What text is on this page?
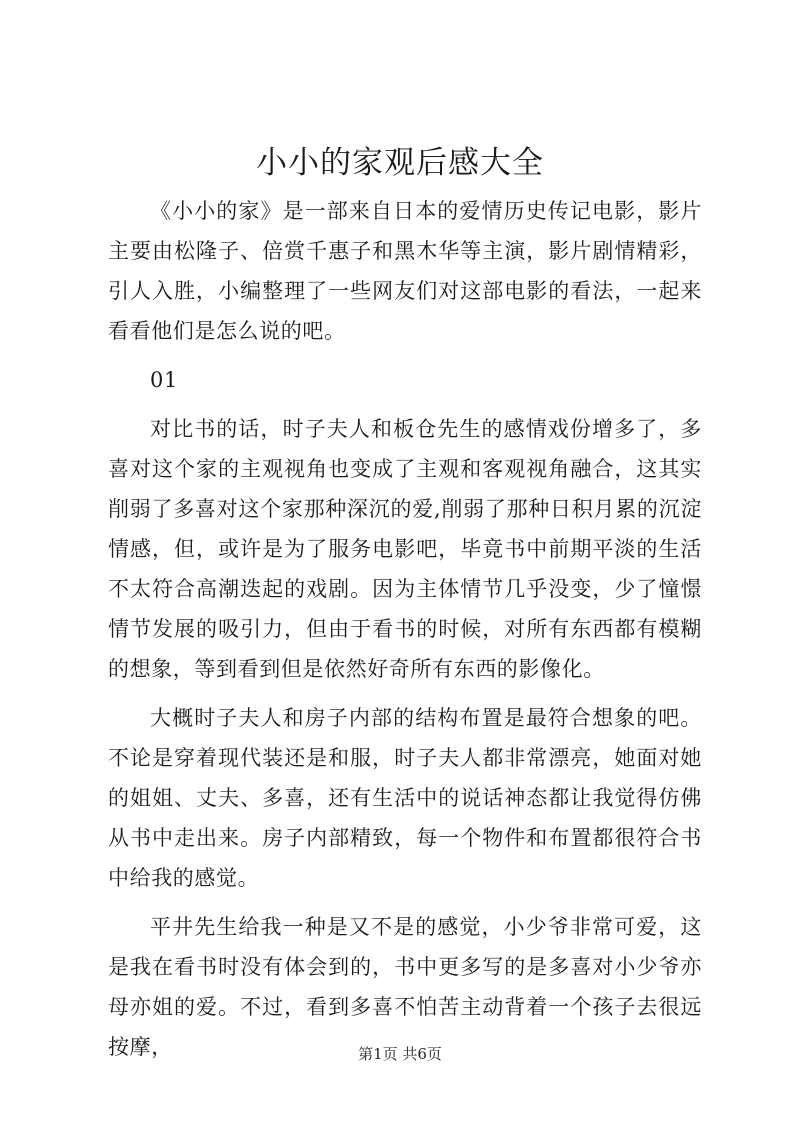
小小的家观后感大全

《小小的家》是一部来自日本的爱情历史传记电影，影片主要由松隆子、倍赏千惠子和黑木华等主演，影片剧情精彩，引人入胜，小编整理了一些网友们对这部电影的看法，一起来看看他们是怎么说的吧。

01

对比书的话，时子夫人和板仓先生的感情戏份增多了，多喜对这个家的主观视角也变成了主观和客观视角融合，这其实削弱了多喜对这个家那种深沉的爱,削弱了那种日积月累的沉淀情感，但，或许是为了服务电影吧，毕竟书中前期平淡的生活不太符合高潮迭起的戏剧。因为主体情节几乎没变，少了憧憬情节发展的吸引力，但由于看书的时候，对所有东西都有模糊的想象，等到看到但是依然好奇所有东西的影像化。

大概时子夫人和房子内部的结构布置是最符合想象的吧。不论是穿着现代装还是和服，时子夫人都非常漂亮，她面对她的姐姐、丈夫、多喜，还有生活中的说话神态都让我觉得仿佛从书中走出来。房子内部精致，每一个物件和布置都很符合书中给我的感觉。

平井先生给我一种是又不是的感觉，小少爷非常可爱，这是我在看书时没有体会到的，书中更多写的是多喜对小少爷亦母亦姐的爱。不过，看到多喜不怕苦主动背着一个孩子去很远按摩，	第1页 共6页
